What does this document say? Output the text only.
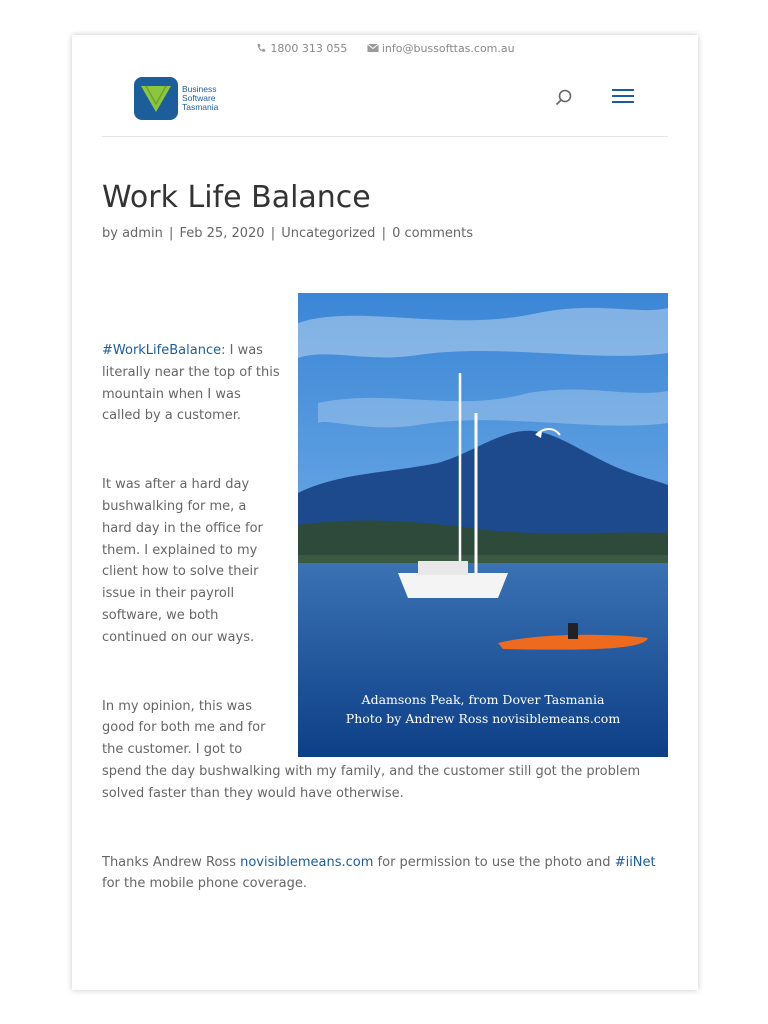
1800 313 055	info@bussofttas.com.au
Business
Software
Tasmania
Work Life Balance
by admin | Feb 25, 2020 | Uncategorized | 0 comments
Adamsons Peak, from Dover Tasmania
Photo by Andrew Ross novisiblemeans.com

#WorkLifeBalance: I was literally near the top of this mountain when I was called by a customer.

It was after a hard day bushwalking for me, a hard day in the office for them. I explained to my client how to solve their issue in their payroll software, we both continued on our ways.

In my opinion, this was good for both me and for the customer. I got to spend the day bushwalking with my family, and the customer still got the problem solved faster than they would have otherwise.

Thanks Andrew Ross novisiblemeans.com for permission to use the photo and #iiNet for the mobile phone coverage.
